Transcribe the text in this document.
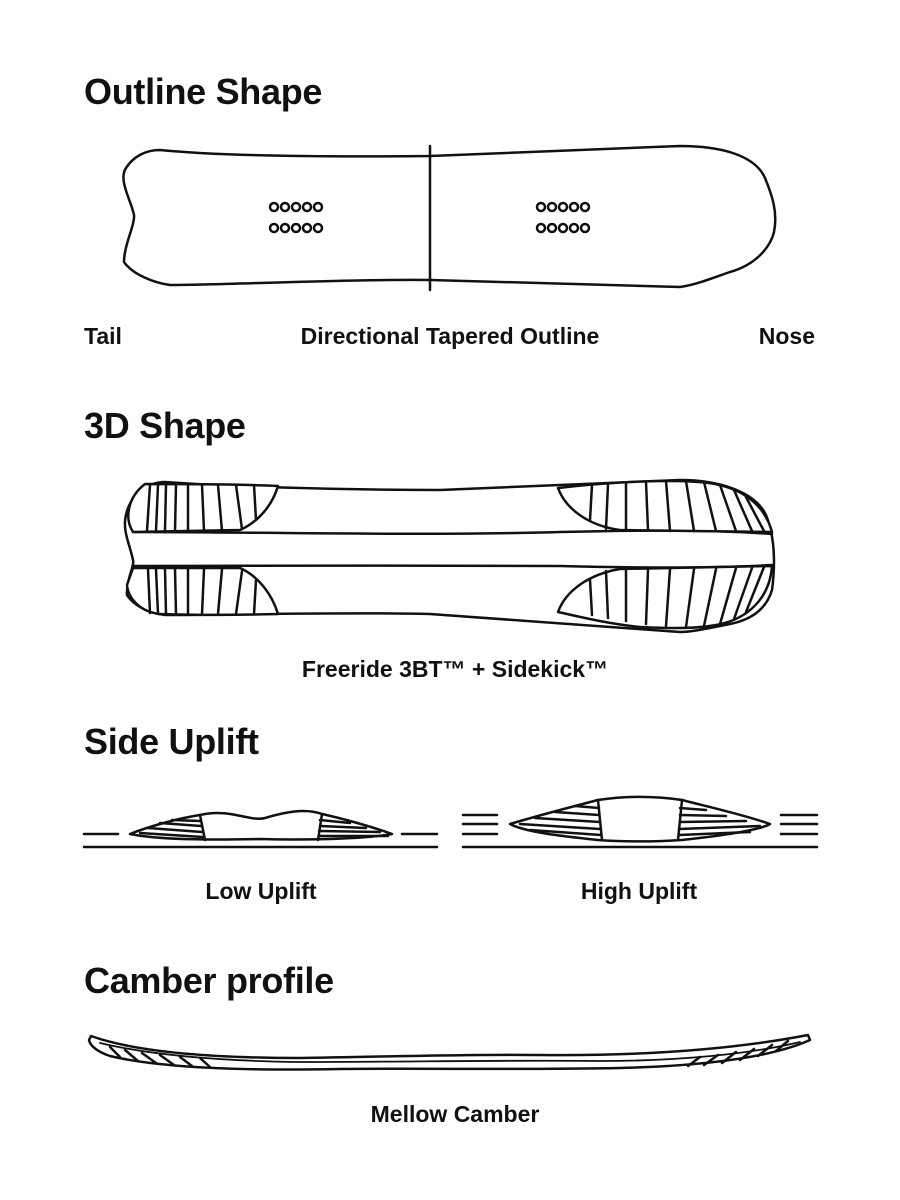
Outline Shape
Tail	Directional Tapered Outline	Nose
3D Shape
Freeride 3BT™ + Sidekick™
Side Uplift
Low Uplift	High Uplift
Camber profile
Mellow Camber
